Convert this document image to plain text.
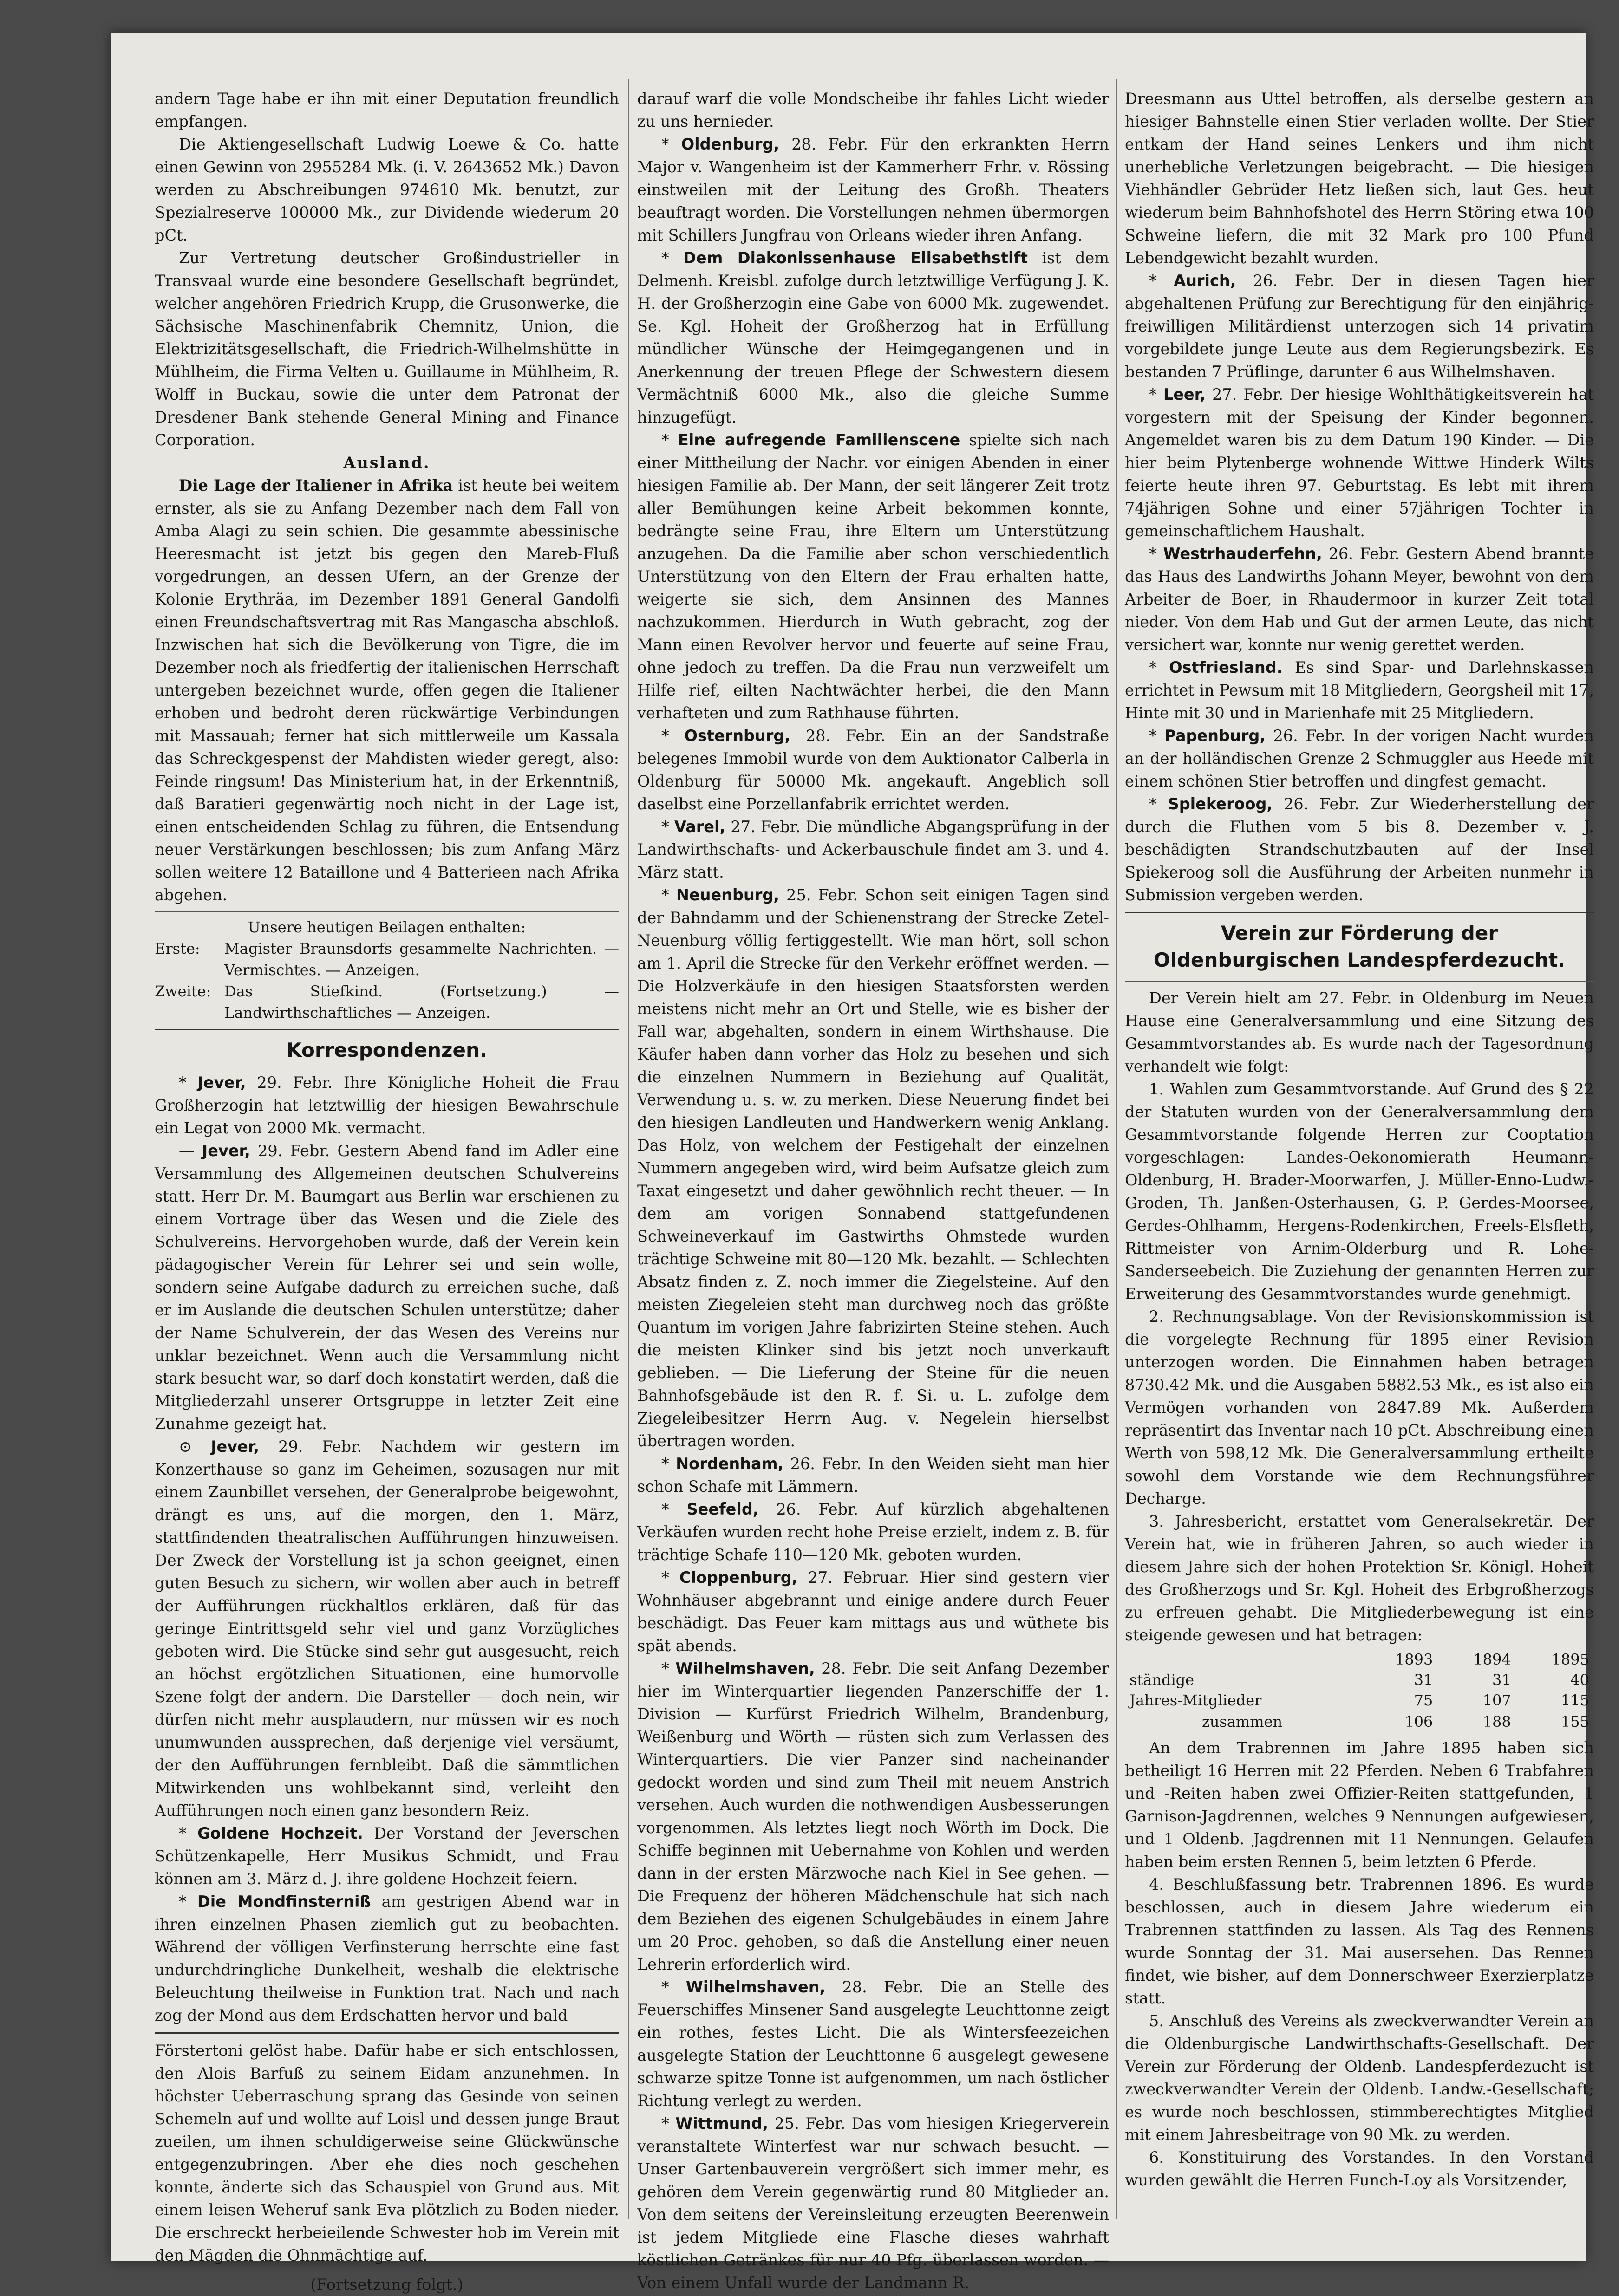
andern Tage habe er ihn mit einer Deputation freundlich empfangen.

Die Aktiengesellschaft Ludwig Loewe & Co. hatte einen Gewinn von 2955284 Mk. (i. V. 2643652 Mk.) Davon werden zu Abschreibungen 974610 Mk. benutzt, zur Spezialreserve 100000 Mk., zur Dividende wiederum 20 pCt.

Zur Vertretung deutscher Großindustrieller in Transvaal wurde eine besondere Gesellschaft begründet, welcher angehören Friedrich Krupp, die Grusonwerke, die Sächsische Maschinenfabrik Chemnitz, Union, die Elektrizitätsgesellschaft, die Friedrich-Wilhelmshütte in Mühlheim, die Firma Velten u. Guillaume in Mühlheim, R. Wolff in Buckau, sowie die unter dem Patronat der Dresdener Bank stehende General Mining and Finance Corporation.

Ausland.

Die Lage der Italiener in Afrika ist heute bei weitem ernster, als sie zu Anfang Dezember nach dem Fall von Amba Alagi zu sein schien. Die gesammte abessinische Heeresmacht ist jetzt bis gegen den Mareb-Fluß vorgedrungen, an dessen Ufern, an der Grenze der Kolonie Erythräa, im Dezember 1891 General Gandolfi einen Freundschaftsvertrag mit Ras Mangascha abschloß. Inzwischen hat sich die Bevölkerung von Tigre, die im Dezember noch als friedfertig der italienischen Herrschaft untergeben bezeichnet wurde, offen gegen die Italiener erhoben und bedroht deren rückwärtige Verbindungen mit Massauah; ferner hat sich mittlerweile um Kassala das Schreckgespenst der Mahdisten wieder geregt, also: Feinde ringsum! Das Ministerium hat, in der Erkenntniß, daß Baratieri gegenwärtig noch nicht in der Lage ist, einen entscheidenden Schlag zu führen, die Entsendung neuer Verstärkungen beschlossen; bis zum Anfang März sollen weitere 12 Bataillone und 4 Batterieen nach Afrika abgehen.

Unsere heutigen Beilagen enthalten:
Erste:	Magister Braunsdorfs gesammelte Nachrichten. — Vermischtes. — Anzeigen.
Zweite: Das Stiefkind. (Fortsetzung.) — Landwirthschaftliches — Anzeigen.
Korrespondenzen.

* Jever, 29. Febr. Ihre Königliche Hoheit die Frau Großherzogin hat letztwillig der hiesigen Bewahrschule ein Legat von 2000 Mk. vermacht.

— Jever, 29. Febr. Gestern Abend fand im Adler eine Versammlung des Allgemeinen deutschen Schulvereins statt. Herr Dr. M. Baumgart aus Berlin war erschienen zu einem Vortrage über das Wesen und die Ziele des Schulvereins. Hervorgehoben wurde, daß der Verein kein pädagogischer Verein für Lehrer sei und sein wolle, sondern seine Aufgabe dadurch zu erreichen suche, daß er im Auslande die deutschen Schulen unterstütze; daher der Name Schulverein, der das Wesen des Vereins nur unklar bezeichnet. Wenn auch die Versammlung nicht stark besucht war, so darf doch konstatirt werden, daß die Mitgliederzahl unserer Ortsgruppe in letzter Zeit eine Zunahme gezeigt hat.

⊙ Jever, 29. Febr. Nachdem wir gestern im Konzerthause so ganz im Geheimen, sozusagen nur mit einem Zaunbillet versehen, der Generalprobe beigewohnt, drängt es uns, auf die morgen, den 1. März, stattfindenden theatralischen Aufführungen hinzuweisen. Der Zweck der Vorstellung ist ja schon geeignet, einen guten Besuch zu sichern, wir wollen aber auch in betreff der Aufführungen rückhaltlos erklären, daß für das geringe Eintrittsgeld sehr viel und ganz Vorzügliches geboten wird. Die Stücke sind sehr gut ausgesucht, reich an höchst ergötzlichen Situationen, eine humorvolle Szene folgt der andern. Die Darsteller — doch nein, wir dürfen nicht mehr ausplaudern, nur müssen wir es noch unumwunden aussprechen, daß derjenige viel versäumt, der den Aufführungen fernbleibt. Daß die sämmtlichen Mitwirkenden uns wohlbekannt sind, verleiht den Aufführungen noch einen ganz besondern Reiz.

* Goldene Hochzeit. Der Vorstand der Jeverschen Schützenkapelle, Herr Musikus Schmidt, und Frau können am 3. März d. J. ihre goldene Hochzeit feiern.

* Die Mondfinsterniß am gestrigen Abend war in ihren einzelnen Phasen ziemlich gut zu beobachten. Während der völligen Verfinsterung herrschte eine fast undurchdringliche Dunkelheit, weshalb die elektrische Beleuchtung theilweise in Funktion trat. Nach und nach zog der Mond aus dem Erdschatten hervor und bald

Förstertoni gelöst habe. Dafür habe er sich entschlossen, den Alois Barfuß zu seinem Eidam anzunehmen. In höchster Ueberraschung sprang das Gesinde von seinen Schemeln auf und wollte auf Loisl und dessen junge Braut zueilen, um ihnen schuldigerweise seine Glückwünsche entgegenzubringen. Aber ehe dies noch geschehen konnte, änderte sich das Schauspiel von Grund aus. Mit einem leisen Weheruf sank Eva plötzlich zu Boden nieder. Die erschreckt herbeieilende Schwester hob im Verein mit den Mägden die Ohnmächtige auf.

(Fortsetzung folgt.)

darauf warf die volle Mondscheibe ihr fahles Licht wieder zu uns hernieder.

* Oldenburg, 28. Febr. Für den erkrankten Herrn Major v. Wangenheim ist der Kammerherr Frhr. v. Rössing einstweilen mit der Leitung des Großh. Theaters beauftragt worden. Die Vorstellungen nehmen übermorgen mit Schillers Jungfrau von Orleans wieder ihren Anfang.

* Dem Diakonissenhause Elisabethstift ist dem Delmenh. Kreisbl. zufolge durch letztwillige Verfügung J. K. H. der Großherzogin eine Gabe von 6000 Mk. zugewendet. Se. Kgl. Hoheit der Großherzog hat in Erfüllung mündlicher Wünsche der Heimgegangenen und in Anerkennung der treuen Pflege der Schwestern diesem Vermächtniß 6000 Mk., also die gleiche Summe hinzugefügt.

* Eine aufregende Familienscene spielte sich nach einer Mittheilung der Nachr. vor einigen Abenden in einer hiesigen Familie ab. Der Mann, der seit längerer Zeit trotz aller Bemühungen keine Arbeit bekommen konnte, bedrängte seine Frau, ihre Eltern um Unterstützung anzugehen. Da die Familie aber schon verschiedentlich Unterstützung von den Eltern der Frau erhalten hatte, weigerte sie sich, dem Ansinnen des Mannes nachzukommen. Hierdurch in Wuth gebracht, zog der Mann einen Revolver hervor und feuerte auf seine Frau, ohne jedoch zu treffen. Da die Frau nun verzweifelt um Hilfe rief, eilten Nachtwächter herbei, die den Mann verhafteten und zum Rathhause führten.

* Osternburg, 28. Febr. Ein an der Sandstraße belegenes Immobil wurde von dem Auktionator Calberla in Oldenburg für 50000 Mk. angekauft. Angeblich soll daselbst eine Porzellanfabrik errichtet werden.

* Varel, 27. Febr. Die mündliche Abgangsprüfung in der Landwirthschafts- und Ackerbauschule findet am 3. und 4. März statt.

* Neuenburg, 25. Febr. Schon seit einigen Tagen sind der Bahndamm und der Schienenstrang der Strecke Zetel-Neuenburg völlig fertiggestellt. Wie man hört, soll schon am 1. April die Strecke für den Verkehr eröffnet werden. — Die Holzverkäufe in den hiesigen Staatsforsten werden meistens nicht mehr an Ort und Stelle, wie es bisher der Fall war, abgehalten, sondern in einem Wirthshause. Die Käufer haben dann vorher das Holz zu besehen und sich die einzelnen Nummern in Beziehung auf Qualität, Verwendung u. s. w. zu merken. Diese Neuerung findet bei den hiesigen Landleuten und Handwerkern wenig Anklang. Das Holz, von welchem der Festigehalt der einzelnen Nummern angegeben wird, wird beim Aufsatze gleich zum Taxat eingesetzt und daher gewöhnlich recht theuer. — In dem am vorigen Sonnabend stattgefundenen Schweineverkauf im Gastwirths Ohmstede wurden trächtige Schweine mit 80—120 Mk. bezahlt. — Schlechten Absatz finden z. Z. noch immer die Ziegelsteine. Auf den meisten Ziegeleien steht man durchweg noch das größte Quantum im vorigen Jahre fabrizirten Steine stehen. Auch die meisten Klinker sind bis jetzt noch unverkauft geblieben. — Die Lieferung der Steine für die neuen Bahnhofsgebäude ist den R. f. Si. u. L. zufolge dem Ziegeleibesitzer Herrn Aug. v. Negelein hierselbst übertragen worden.

* Nordenham, 26. Febr. In den Weiden sieht man hier schon Schafe mit Lämmern.

* Seefeld, 26. Febr. Auf kürzlich abgehaltenen Verkäufen wurden recht hohe Preise erzielt, indem z. B. für trächtige Schafe 110—120 Mk. geboten wurden.

* Cloppenburg, 27. Februar. Hier sind gestern vier Wohnhäuser abgebrannt und einige andere durch Feuer beschädigt. Das Feuer kam mittags aus und wüthete bis spät abends.

* Wilhelmshaven, 28. Febr. Die seit Anfang Dezember hier im Winterquartier liegenden Panzerschiffe der 1. Division — Kurfürst Friedrich Wilhelm, Brandenburg, Weißenburg und Wörth — rüsten sich zum Verlassen des Winterquartiers. Die vier Panzer sind nacheinander gedockt worden und sind zum Theil mit neuem Anstrich versehen. Auch wurden die nothwendigen Ausbesserungen vorgenommen. Als letztes liegt noch Wörth im Dock. Die Schiffe beginnen mit Uebernahme von Kohlen und werden dann in der ersten Märzwoche nach Kiel in See gehen. — Die Frequenz der höheren Mädchenschule hat sich nach dem Beziehen des eigenen Schulgebäudes in einem Jahre um 20 Proc. gehoben, so daß die Anstellung einer neuen Lehrerin erforderlich wird.

* Wilhelmshaven, 28. Febr. Die an Stelle des Feuerschiffes Minsener Sand ausgelegte Leuchttonne zeigt ein rothes, festes Licht. Die als Wintersfeezeichen ausgelegte Station der Leuchttonne 6 ausgelegt gewesene schwarze spitze Tonne ist aufgenommen, um nach östlicher Richtung verlegt zu werden.

* Wittmund, 25. Febr. Das vom hiesigen Kriegerverein veranstaltete Winterfest war nur schwach besucht. — Unser Gartenbauverein vergrößert sich immer mehr, es gehören dem Verein gegenwärtig rund 80 Mitglieder an. Von dem seitens der Vereinsleitung erzeugten Beerenwein ist jedem Mitgliede eine Flasche dieses wahrhaft köstlichen Getränkes für nur 40 Pfg. überlassen worden. — Von einem Unfall wurde der Landmann R.

Dreesmann aus Uttel betroffen, als derselbe gestern an hiesiger Bahnstelle einen Stier verladen wollte. Der Stier entkam der Hand seines Lenkers und ihm nicht unerhebliche Verletzungen beigebracht. — Die hiesigen Viehhändler Gebrüder Hetz ließen sich, laut Ges. heut wiederum beim Bahnhofshotel des Herrn Störing etwa 100 Schweine liefern, die mit 32 Mark pro 100 Pfund Lebendgewicht bezahlt wurden.

* Aurich, 26. Febr. Der in diesen Tagen hier abgehaltenen Prüfung zur Berechtigung für den einjährig-freiwilligen Militärdienst unterzogen sich 14 privatim vorgebildete junge Leute aus dem Regierungsbezirk. Es bestanden 7 Prüflinge, darunter 6 aus Wilhelmshaven.

* Leer, 27. Febr. Der hiesige Wohlthätigkeitsverein hat vorgestern mit der Speisung der Kinder begonnen. Angemeldet waren bis zu dem Datum 190 Kinder. — Die hier beim Plytenberge wohnende Wittwe Hinderk Wilts feierte heute ihren 97. Geburtstag. Es lebt mit ihrem 74jährigen Sohne und einer 57jährigen Tochter in gemeinschaftlichem Haushalt.

* Westrhauderfehn, 26. Febr. Gestern Abend brannte das Haus des Landwirths Johann Meyer, bewohnt von dem Arbeiter de Boer, in Rhaudermoor in kurzer Zeit total nieder. Von dem Hab und Gut der armen Leute, das nicht versichert war, konnte nur wenig gerettet werden.

* Ostfriesland. Es sind Spar- und Darlehnskassen errichtet in Pewsum mit 18 Mitgliedern, Georgsheil mit 17, Hinte mit 30 und in Marienhafe mit 25 Mitgliedern.

* Papenburg, 26. Febr. In der vorigen Nacht wurden an der holländischen Grenze 2 Schmuggler aus Heede mit einem schönen Stier betroffen und dingfest gemacht.

* Spiekeroog, 26. Febr. Zur Wiederherstellung der durch die Fluthen vom 5 bis 8. Dezember v. J. beschädigten Strandschutzbauten auf der Insel Spiekeroog soll die Ausführung der Arbeiten nunmehr in Submission vergeben werden.

Verein zur Förderung der Oldenburgischen Landespferdezucht.

Der Verein hielt am 27. Febr. in Oldenburg im Neuen Hause eine Generalversammlung und eine Sitzung des Gesammtvorstandes ab. Es wurde nach der Tagesordnung verhandelt wie folgt:

1. Wahlen zum Gesammtvorstande. Auf Grund des § 22 der Statuten wurden von der Generalversammlung dem Gesammtvorstande folgende Herren zur Cooptation vorgeschlagen: Landes-Oekonomierath Heumann-Oldenburg, H. Brader-Moorwarfen, J. Müller-Enno-Ludw.-Groden, Th. Janßen-Osterhausen, G. P. Gerdes-Moorsee, Gerdes-Ohlhamm, Hergens-Rodenkirchen, Freels-Elsfleth, Rittmeister von Arnim-Olderburg und R. Lohe-Sanderseebeich. Die Zuziehung der genannten Herren zur Erweiterung des Gesammtvorstandes wurde genehmigt.

2. Rechnungsablage. Von der Revisionskommission ist die vorgelegte Rechnung für 1895 einer Revision unterzogen worden. Die Einnahmen haben betragen 8730.42 Mk. und die Ausgaben 5882.53 Mk., es ist also ein Vermögen vorhanden von 2847.89 Mk. Außerdem repräsentirt das Inventar nach 10 pCt. Abschreibung einen Werth von 598,12 Mk. Die Generalversammlung ertheilte sowohl dem Vorstande wie dem Rechnungsführer Decharge.

3. Jahresbericht, erstattet vom Generalsekretär. Der Verein hat, wie in früheren Jahren, so auch wieder in diesem Jahre sich der hohen Protektion Sr. Königl. Hoheit des Großherzogs und Sr. Kgl. Hoheit des Erbgroßherzogs zu erfreuen gehabt. Die Mitgliederbewegung ist eine steigende gewesen und hat betragen:

	1893	1894	1895
ständige	31	31	40
Jahres-Mitglieder	75	107	115
zusammen	106	188	155

An dem Trabrennen im Jahre 1895 haben sich betheiligt 16 Herren mit 22 Pferden. Neben 6 Trabfahren und -Reiten haben zwei Offizier-Reiten stattgefunden, 1 Garnison-Jagdrennen, welches 9 Nennungen aufgewiesen, und 1 Oldenb. Jagdrennen mit 11 Nennungen. Gelaufen haben beim ersten Rennen 5, beim letzten 6 Pferde.

4. Beschlußfassung betr. Trabrennen 1896. Es wurde beschlossen, auch in diesem Jahre wiederum ein Trabrennen stattfinden zu lassen. Als Tag des Rennens wurde Sonntag der 31. Mai ausersehen. Das Rennen findet, wie bisher, auf dem Donnerschweer Exerzierplatze statt.

5. Anschluß des Vereins als zweckverwandter Verein an die Oldenburgische Landwirthschafts-Gesellschaft. Der Verein zur Förderung der Oldenb. Landespferdezucht ist zweckverwandter Verein der Oldenb. Landw.-Gesellschaft; es wurde noch beschlossen, stimmberechtigtes Mitglied mit einem Jahresbeitrage von 90 Mk. zu werden.

6. Konstituirung des Vorstandes. In den Vorstand wurden gewählt die Herren Funch-Loy als Vorsitzender,
